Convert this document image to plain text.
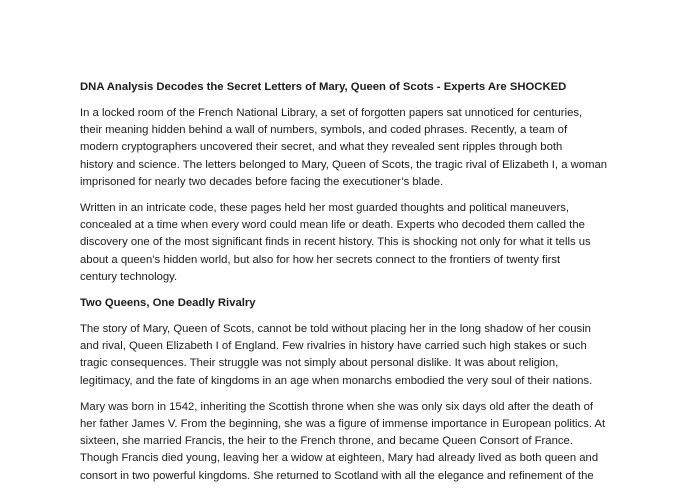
DNA Analysis Decodes the Secret Letters of Mary, Queen of Scots - Experts Are SHOCKED
In a locked room of the French National Library, a set of forgotten papers sat unnoticed for centuries,
their meaning hidden behind a wall of numbers, symbols, and coded phrases. Recently, a team of
modern cryptographers uncovered their secret, and what they revealed sent ripples through both
history and science. The letters belonged to Mary, Queen of Scots, the tragic rival of Elizabeth I, a woman
imprisoned for nearly two decades before facing the executioner’s blade.
Written in an intricate code, these pages held her most guarded thoughts and political maneuvers,
concealed at a time when every word could mean life or death. Experts who decoded them called the
discovery one of the most significant finds in recent history. This is shocking not only for what it tells us
about a queen’s hidden world, but also for how her secrets connect to the frontiers of twenty first
century technology.
Two Queens, One Deadly Rivalry
The story of Mary, Queen of Scots, cannot be told without placing her in the long shadow of her cousin
and rival, Queen Elizabeth I of England. Few rivalries in history have carried such high stakes or such
tragic consequences. Their struggle was not simply about personal dislike. It was about religion,
legitimacy, and the fate of kingdoms in an age when monarchs embodied the very soul of their nations.
Mary was born in 1542, inheriting the Scottish throne when she was only six days old after the death of
her father James V. From the beginning, she was a figure of immense importance in European politics. At
sixteen, she married Francis, the heir to the French throne, and became Queen Consort of France.
Though Francis died young, leaving her a widow at eighteen, Mary had already lived as both queen and
consort in two powerful kingdoms. She returned to Scotland with all the elegance and refinement of the
